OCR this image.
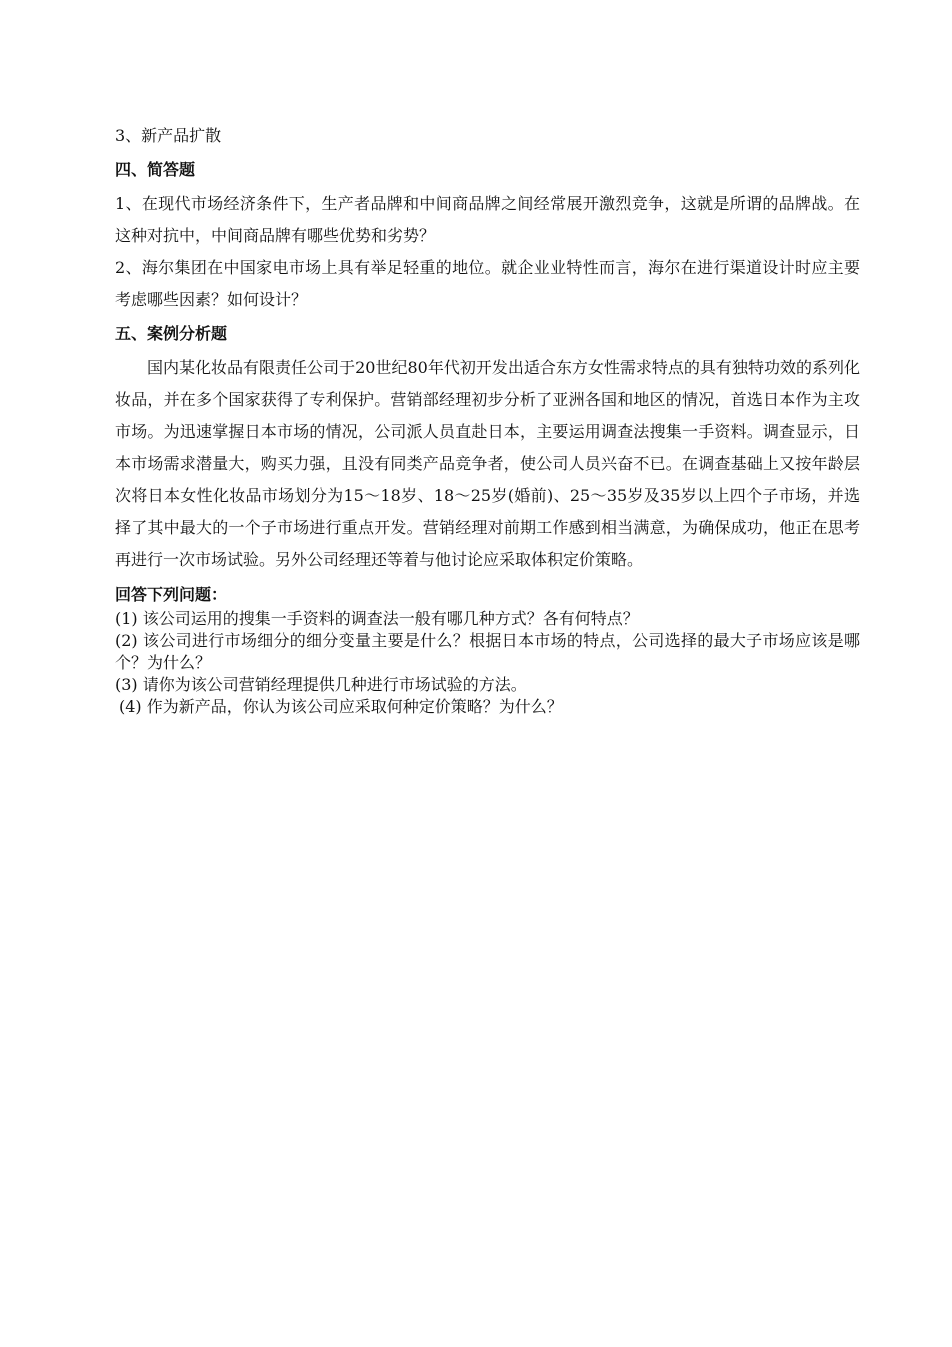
3、新产品扩散

四、简答题

1、在现代市场经济条件下，生产者品牌和中间商品牌之间经常展开激烈竞争，这就是所谓的品牌战。在这种对抗中，中间商品牌有哪些优势和劣势？

2、海尔集团在中国家电市场上具有举足轻重的地位。就企业业特性而言，海尔在进行渠道设计时应主要考虑哪些因素？如何设计？

五、案例分析题

国内某化妆品有限责任公司于20世纪80年代初开发出适合东方女性需求特点的具有独特功效的系列化妆品，并在多个国家获得了专利保护。营销部经理初步分析了亚洲各国和地区的情况，首选日本作为主攻市场。为迅速掌握日本市场的情况，公司派人员直赴日本，主要运用调查法搜集一手资料。调查显示，日本市场需求潜量大，购买力强，且没有同类产品竞争者，使公司人员兴奋不已。在调查基础上又按年龄层次将日本女性化妆品市场划分为15～18岁、18～25岁(婚前)、25～35岁及35岁以上四个子市场，并选择了其中最大的一个子市场进行重点开发。营销经理对前期工作感到相当满意，为确保成功，他正在思考再进行一次市场试验。另外公司经理还等着与他讨论应采取体积定价策略。

回答下列问题：

(1) 该公司运用的搜集一手资料的调查法一般有哪几种方式？各有何特点？

(2) 该公司进行市场细分的细分变量主要是什么？根据日本市场的特点，公司选择的最大子市场应该是哪个？为什么？

(3) 请你为该公司营销经理提供几种进行市场试验的方法。

(4) 作为新产品，你认为该公司应采取何种定价策略？为什么？
